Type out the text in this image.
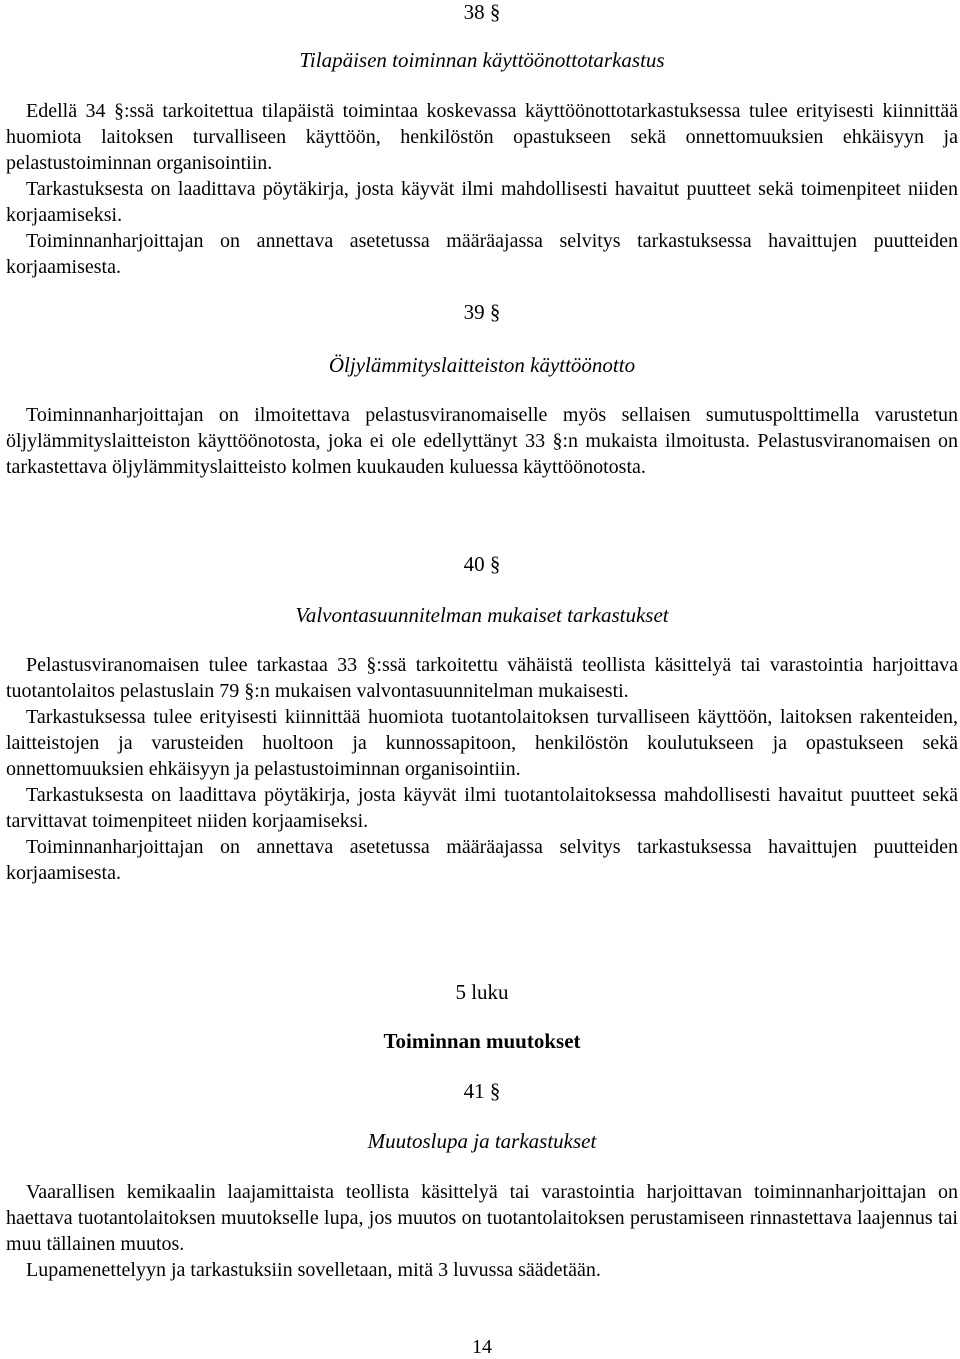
38 §
Tilapäisen toiminnan käyttöönottotarkastus

Edellä 34 §:ssä tarkoitettua tilapäistä toimintaa koskevassa käyttöönottotarkastuksessa tulee erityisesti kiinnittää huomiota laitoksen turvalliseen käyttöön, henkilöstön opastukseen sekä onnettomuuksien ehkäisyyn ja pelastustoiminnan organisointiin.

Tarkastuksesta on laadittava pöytäkirja, josta käyvät ilmi mahdollisesti havaitut puutteet sekä toimenpiteet niiden korjaamiseksi.

Toiminnanharjoittajan on annettava asetetussa määräajassa selvitys tarkastuksessa havaittujen puutteiden korjaamisesta.

39 §
Öljylämmityslaitteiston käyttöönotto

Toiminnanharjoittajan on ilmoitettava pelastusviranomaiselle myös sellaisen sumutuspolttimella varustetun öljylämmityslaitteiston käyttöönotosta, joka ei ole edellyttänyt 33 §:n mukaista ilmoitusta. Pelastusviranomaisen on tarkastettava öljylämmityslaitteisto kolmen kuukauden kuluessa käyttöönotosta.

40 §
Valvontasuunnitelman mukaiset tarkastukset

Pelastusviranomaisen tulee tarkastaa 33 §:ssä tarkoitettu vähäistä teollista käsittelyä tai varastointia harjoittava tuotantolaitos pelastuslain 79 §:n mukaisen valvontasuunnitelman mukaisesti.

Tarkastuksessa tulee erityisesti kiinnittää huomiota tuotantolaitoksen turvalliseen käyttöön, laitoksen rakenteiden, laitteistojen ja varusteiden huoltoon ja kunnossapitoon, henkilöstön koulutukseen ja opastukseen sekä onnettomuuksien ehkäisyyn ja pelastustoiminnan organisointiin.

Tarkastuksesta on laadittava pöytäkirja, josta käyvät ilmi tuotantolaitoksessa mahdollisesti havaitut puutteet sekä tarvittavat toimenpiteet niiden korjaamiseksi.

Toiminnanharjoittajan on annettava asetetussa määräajassa selvitys tarkastuksessa havaittujen puutteiden korjaamisesta.

5 luku
Toiminnan muutokset
41 §
Muutoslupa ja tarkastukset

Vaarallisen kemikaalin laajamittaista teollista käsittelyä tai varastointia harjoittavan toiminnanharjoittajan on haettava tuotantolaitoksen muutokselle lupa, jos muutos on tuotantolaitoksen perustamiseen rinnastettava laajennus tai muu tällainen muutos.

Lupamenettelyyn ja tarkastuksiin sovelletaan, mitä 3 luvussa säädetään.

14
